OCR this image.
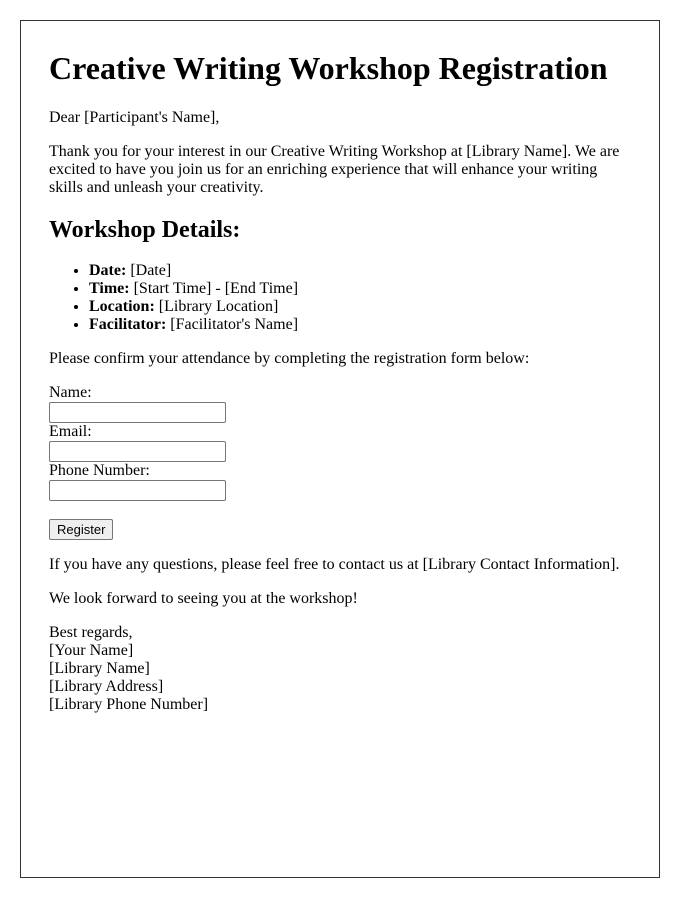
Creative Writing Workshop Registration

Dear [Participant's Name],

Thank you for your interest in our Creative Writing Workshop at [Library Name]. We are excited to have you join us for an enriching experience that will enhance your writing skills and unleash your creativity.

Workshop Details:
• Date: [Date]
• Time: [Start Time] - [End Time]
• Location: [Library Location]
• Facilitator: [Facilitator's Name]

Please confirm your attendance by completing the registration form below:

Name:
Email:
Phone Number:
Register

If you have any questions, please feel free to contact us at [Library Contact Information].

We look forward to seeing you at the workshop!

Best regards,
[Your Name]
[Library Name]
[Library Address]
[Library Phone Number]
